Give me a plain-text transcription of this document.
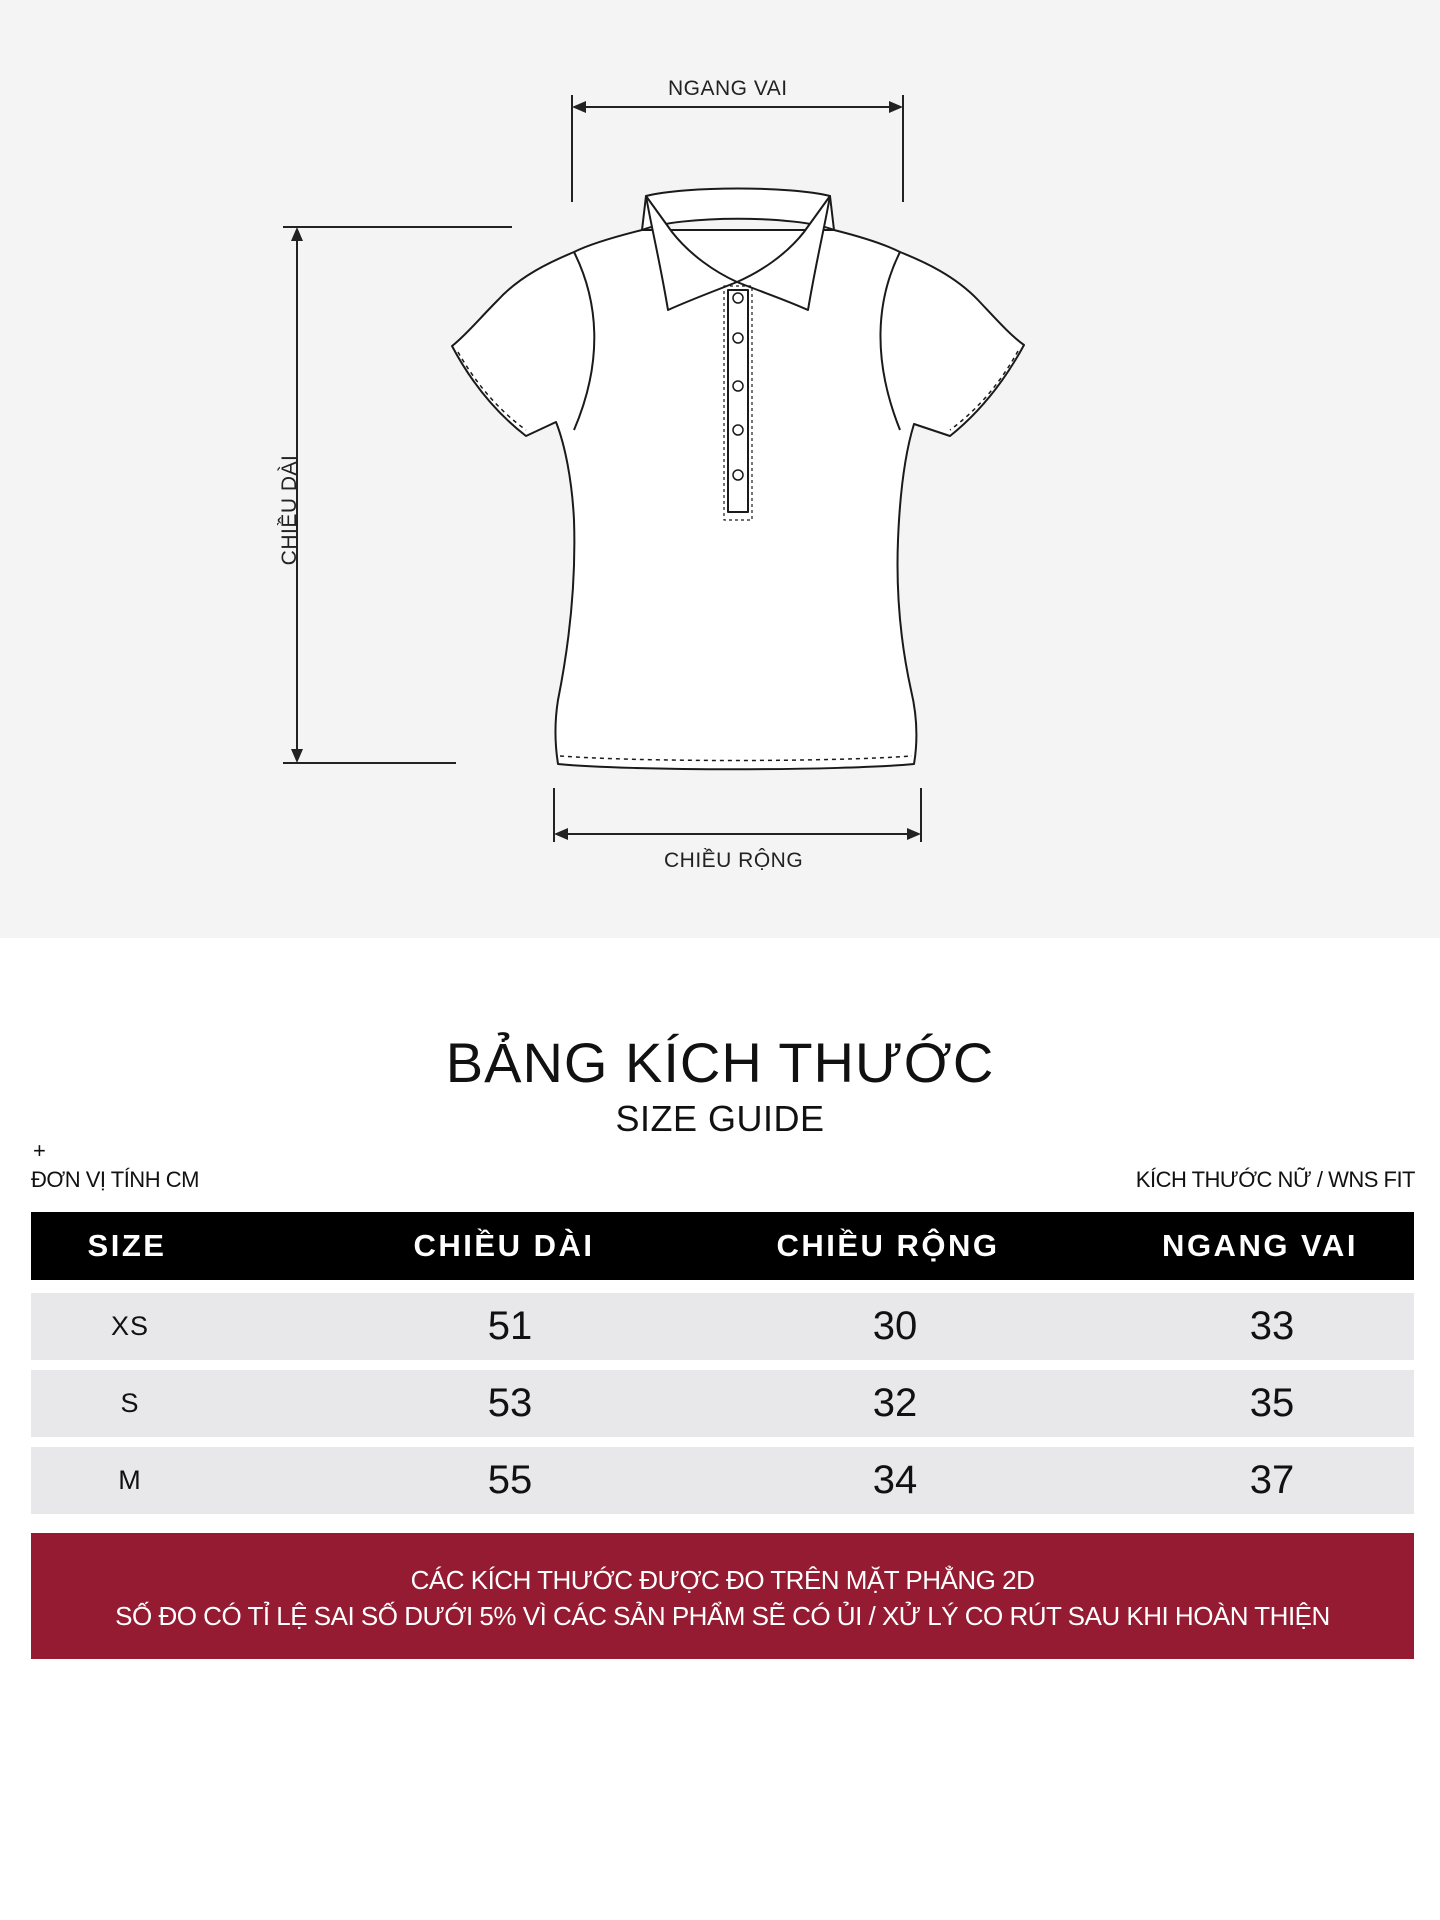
NGANG VAI
CHIỀU DÀI
CHIỀU RỘNG
BẢNG KÍCH THƯỚC
SIZE GUIDE
+
ĐƠN VỊ TÍNH CM	KÍCH THƯỚC NỮ / WNS FIT
SIZE	CHIỀU DÀI	CHIỀU RỘNG	NGANG VAI
XS	51	30	33
S	53	32	35
M	55	34	37
CÁC KÍCH THƯỚC ĐƯỢC ĐO TRÊN MẶT PHẲNG 2D
SỐ ĐO CÓ TỈ LỆ SAI SỐ DƯỚI 5% VÌ CÁC SẢN PHẨM SẼ CÓ ỦI / XỬ LÝ CO RÚT SAU KHI HOÀN THIỆN
